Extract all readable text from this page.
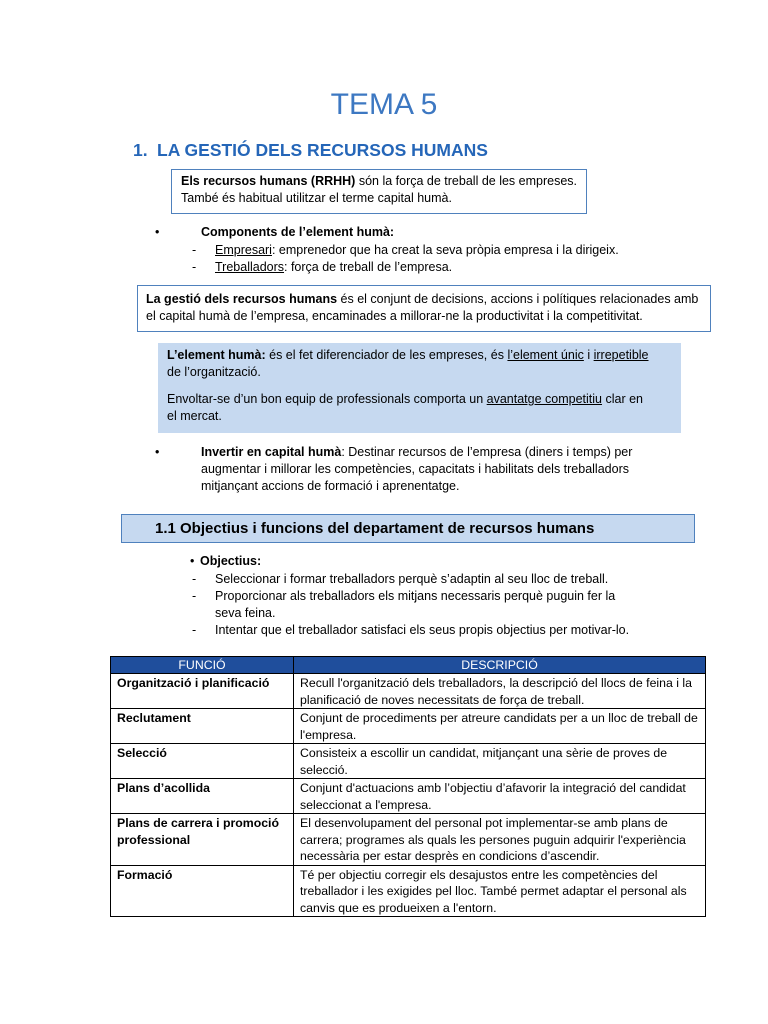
TEMA 5
1. LA GESTIÓ DELS RECURSOS HUMANS
Els recursos humans (RRHH) són la força de treball de les empreses.
També és habitual utilitzar el terme capital humà.
•	Components de l’element humà:
- Empresari: emprenedor que ha creat la seva pròpia empresa i la dirigeix.
- Treballadors: força de treball de l’empresa.
La gestió dels recursos humans és el conjunt de decisions, accions i polítiques relacionades amb
el capital humà de l’empresa, encaminades a millorar-ne la productivitat i la competitivitat.

L’element humà: és el fet diferenciador de les empreses, és l’element únic i irrepetible
de l’organització.

Envoltar-se d’un bon equip de professionals comporta un avantatge competitiu clar en
el mercat.

•	Invertir en capital humà: Destinar recursos de l’empresa (diners i temps) per
augmentar i millorar les competències, capacitats i habilitats dels treballadors
mitjançant accions de formació i aprenentatge.
1.1 Objectius i funcions del departament de recursos humans
• Objectius:
- Seleccionar i formar treballadors perquè s’adaptin al seu lloc de treball.
- Proporcionar als treballadors els mitjans necessaris perquè puguin fer la seva feina.
- Intentar que el treballador satisfaci els seus propis objectius per motivar-lo.
FUNCIÓ	DESCRIPCIÓ
Organització i planificació	Recull l'organització dels treballadors, la descripció del llocs de feina i la planificació de noves necessitats de força de treball.
Reclutament	Conjunt de procediments per atreure candidats per a un lloc de treball de l'empresa.
Selecció	Consisteix a escollir un candidat, mitjançant una sèrie de proves de selecció.
Plans d’acollida	Conjunt d'actuacions amb l’objectiu d’afavorir la integració del candidat seleccionat a l'empresa.
Plans de carrera i promoció professional	El desenvolupament del personal pot implementar-se amb plans de carrera; programes als quals les persones puguin adquirir l'experiència necessària per estar desprès en condicions d’ascendir.
Formació	Té per objectiu corregir els desajustos entre les competències del treballador i les exigides pel lloc. També permet adaptar el personal als canvis que es produeixen a l'entorn.
